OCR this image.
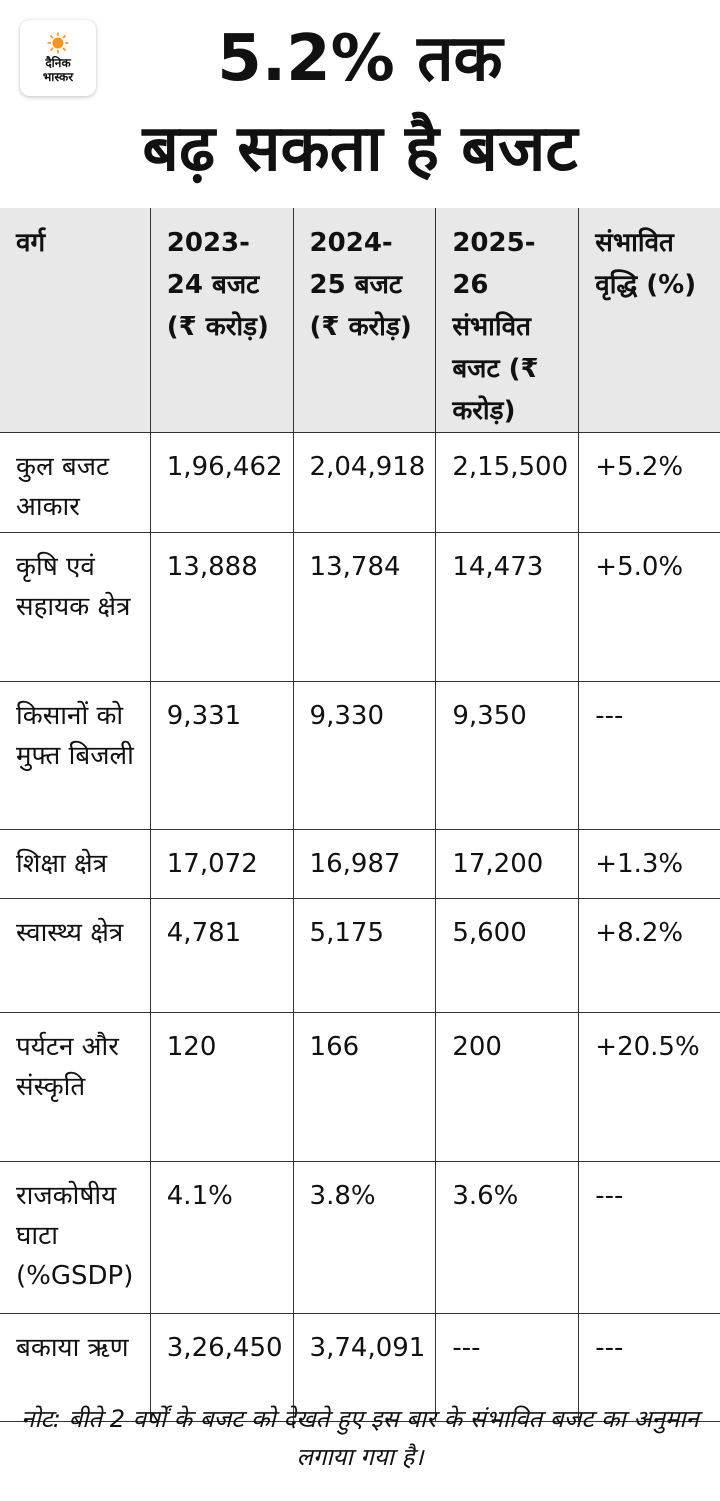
दैनिक
भास्कर	5.2% तक
बढ़ सकता है बजट
वर्ग	2023-24 बजट (₹ करोड़)	2024-25 बजट (₹ करोड़)	2025-26 संभावित बजट (₹ करोड़)	संभावित वृद्धि (%)
कुल बजट आकार	1,96,462	2,04,918	2,15,500	+5.2%
कृषि एवं सहायक क्षेत्र	13,888	13,784	14,473	+5.0%
किसानों को मुफ्त बिजली	9,331	9,330	9,350	---
शिक्षा क्षेत्र	17,072	16,987	17,200	+1.3%
स्वास्थ्य क्षेत्र	4,781	5,175	5,600	+8.2%
पर्यटन और संस्कृति	120	166	200	+20.5%
राजकोषीय घाटा (%GSDP)	4.1%	3.8%	3.6%	---
बकाया ऋण	3,26,450	3,74,091	---	---
नोट: बीते 2 वर्षों के बजट को देखते हुए इस बार के संभावित बजट का अनुमान लगाया गया है।
